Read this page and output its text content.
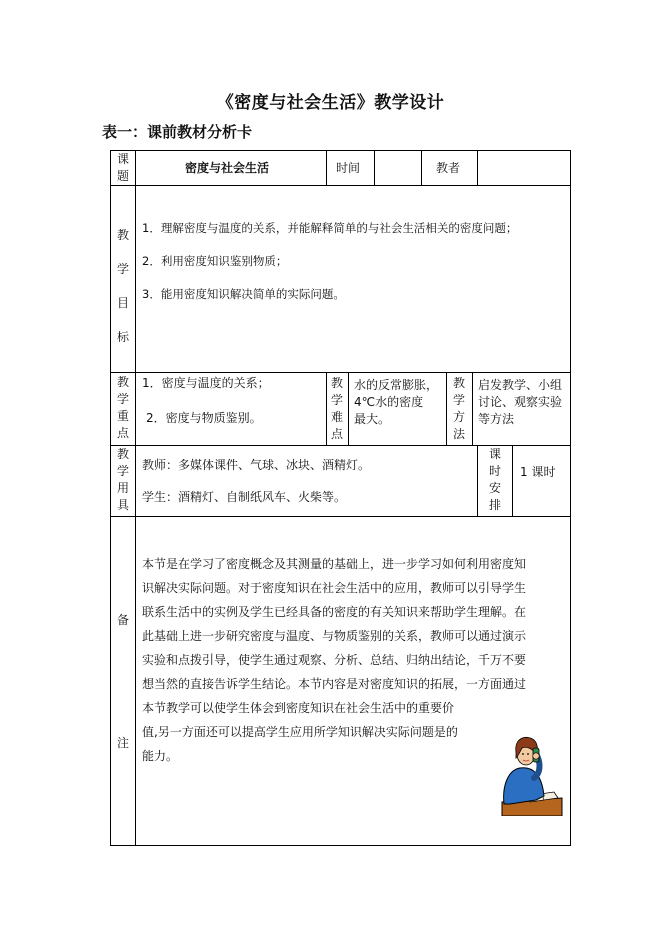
《密度与社会生活》教学设计
表一：课前教材分析卡
课
题
密度与社会生活	时间	教者
教
学
目
标
1．理解密度与温度的关系，并能解释简单的与社会生活相关的密度问题；
2．利用密度知识鉴别物质；
3．能用密度知识解决简单的实际问题。
教
学
重
点
1．密度与温度的关系；
2．密度与物质鉴别。
教
学
难
点
水的反常膨胀，
4℃水的密度
最大。
教
学
方
法
启发教学、小组
讨论、观察实验
等方法
教
学
用
具
教师：多媒体课件、气球、冰块、酒精灯。
学生：酒精灯、自制纸风车、火柴等。
课
时
安
排
1 课时
备
注
本节是在学习了密度概念及其测量的基础上，进一步学习如何利用密度知
识解决实际问题。对于密度知识在社会生活中的应用，教师可以引导学生
联系生活中的实例及学生已经具备的密度的有关知识来帮助学生理解。在
此基础上进一步研究密度与温度、与物质鉴别的关系，教师可以通过演示
实验和点拨引导，使学生通过观察、分析、总结、归纳出结论，千万不要
想当然的直接告诉学生结论。本节内容是对密度知识的拓展，一方面通过
本节教学可以使学生体会到密度知识在社会生活中的重要价
值,另一方面还可以提高学生应用所学知识解决实际问题是的
能力。
